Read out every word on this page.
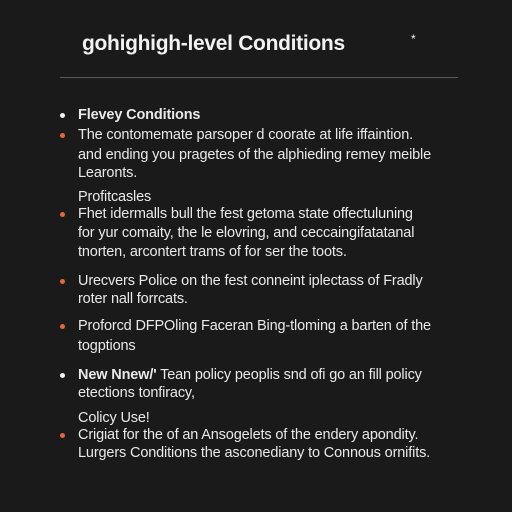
gohighigh-level Conditions	*
Flevey Conditions
The contomemate parsoper d coorate at life iffaintion.
and ending you pragetes of the alphieding remey meible
Learonts.
Profitcasles
Fhet idermalls bull the fest getoma state offectuluning
for yur comaity, the le elovring, and ceccaingifatatanal
tnorten, arcontert trams of for ser the toots.
Urecvers Police on the fest conneint iplectass of Fradly
roter nall forrcats.
Proforcd DFPOling Faceran Bing-tloming a barten of the
togptions
New Nnew/' Tean policy peoplis snd ofi go an fill policy
etections tonfiracy,
Colicy Use!
Crigiat for the of an Ansogelets of the endery apondity.
Lurgers Conditions the asconediany to Connous ornifits.
